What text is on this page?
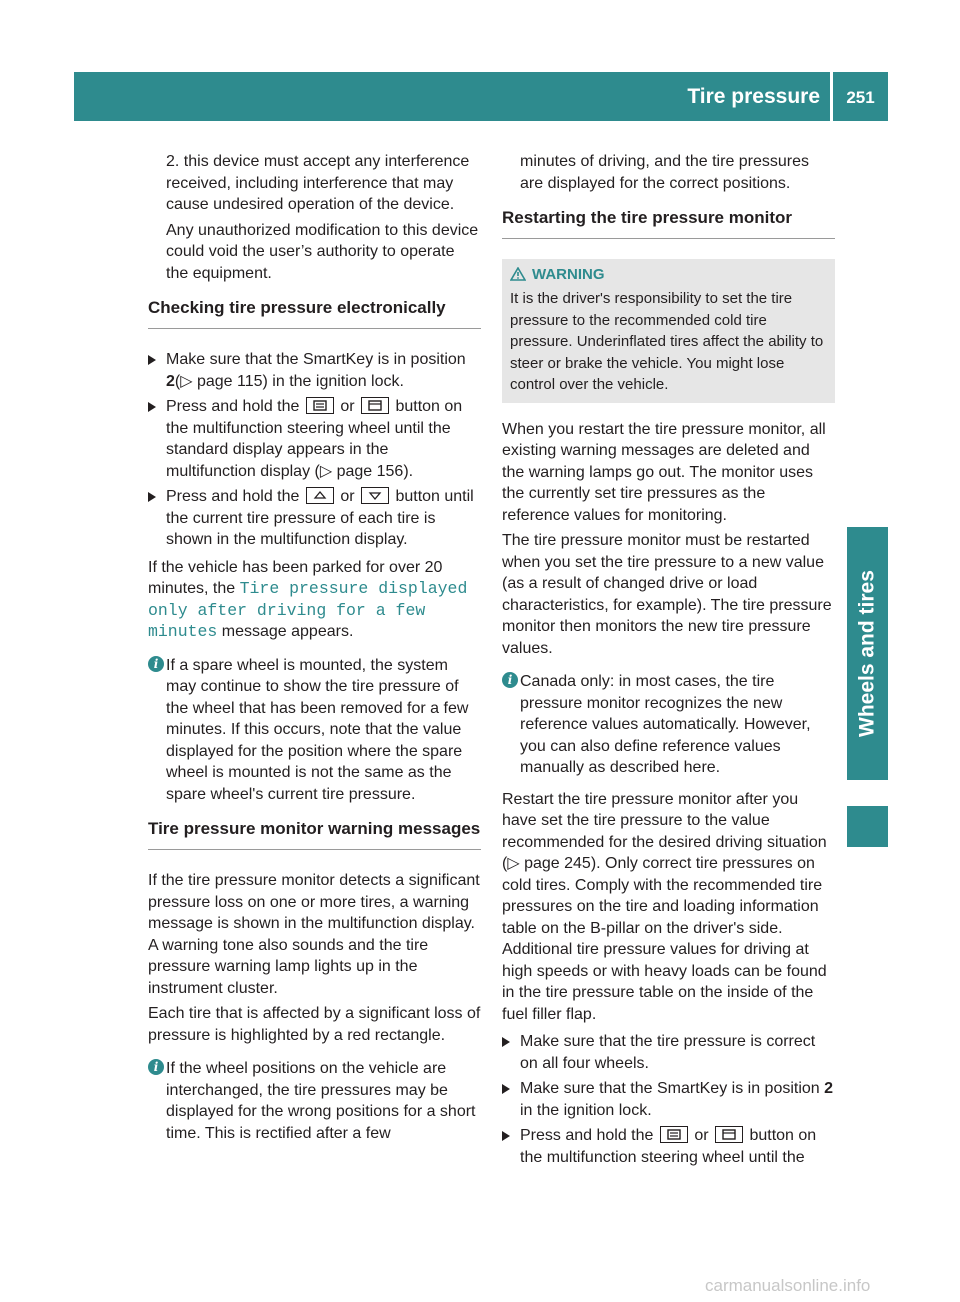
Tire pressure	251
Wheels and tires

2. this device must accept any interference received, including interference that may cause undesired operation of the device.

Any unauthorized modification to this device could void the user’s authority to operate the equipment.

Checking tire pressure electronically
Make sure that the SmartKey is in position 2(▷ page 115) in the ignition lock.
Press and hold the
or
button on the multifunction steering wheel until the standard display appears in the multifunction display (▷ page 156).
Press and hold the
or
button until the current tire pressure of each tire is shown in the multifunction display.

If the vehicle has been parked for over 20 minutes, the Tire pressure displayed only after driving for a few minutes message appears.

i If a spare wheel is mounted, the system may continue to show the tire pressure of the wheel that has been removed for a few minutes. If this occurs, note that the value displayed for the position where the spare wheel is mounted is not the same as the spare wheel's current tire pressure.
Tire pressure monitor warning messages

If the tire pressure monitor detects a significant pressure loss on one or more tires, a warning message is shown in the multifunction display. A warning tone also sounds and the tire pressure warning lamp lights up in the instrument cluster.

Each tire that is affected by a significant loss of pressure is highlighted by a red rectangle.

i If the wheel positions on the vehicle are interchanged, the tire pressures may be displayed for the wrong positions for a short time. This is rectified after a few

minutes of driving, and the tire pressures are displayed for the correct positions.

Restarting the tire pressure monitor
WARNING
It is the driver's responsibility to set the tire pressure to the recommended cold tire pressure. Underinflated tires affect the ability to steer or brake the vehicle. You might lose control over the vehicle.

When you restart the tire pressure monitor, all existing warning messages are deleted and the warning lamps go out. The monitor uses the currently set tire pressures as the reference values for monitoring.

The tire pressure monitor must be restarted when you set the tire pressure to a new value (as a result of changed drive or load characteristics, for example). The tire pressure monitor then monitors the new tire pressure values.

i Canada only: in most cases, the tire pressure monitor recognizes the new reference values automatically. However, you can also define reference values manually as described here.

Restart the tire pressure monitor after you have set the tire pressure to the value recommended for the desired driving situation (▷ page 245). Only correct tire pressures on cold tires. Comply with the recommended tire pressures on the tire and loading information table on the B-pillar on the driver's side. Additional tire pressure values for driving at high speeds or with heavy loads can be found in the tire pressure table on the inside of the fuel filler flap.

Make sure that the tire pressure is correct on all four wheels.
Make sure that the SmartKey is in position 2 in the ignition lock.
Press and hold the
or
button on the multifunction steering wheel until the
carmanualsonline.info
